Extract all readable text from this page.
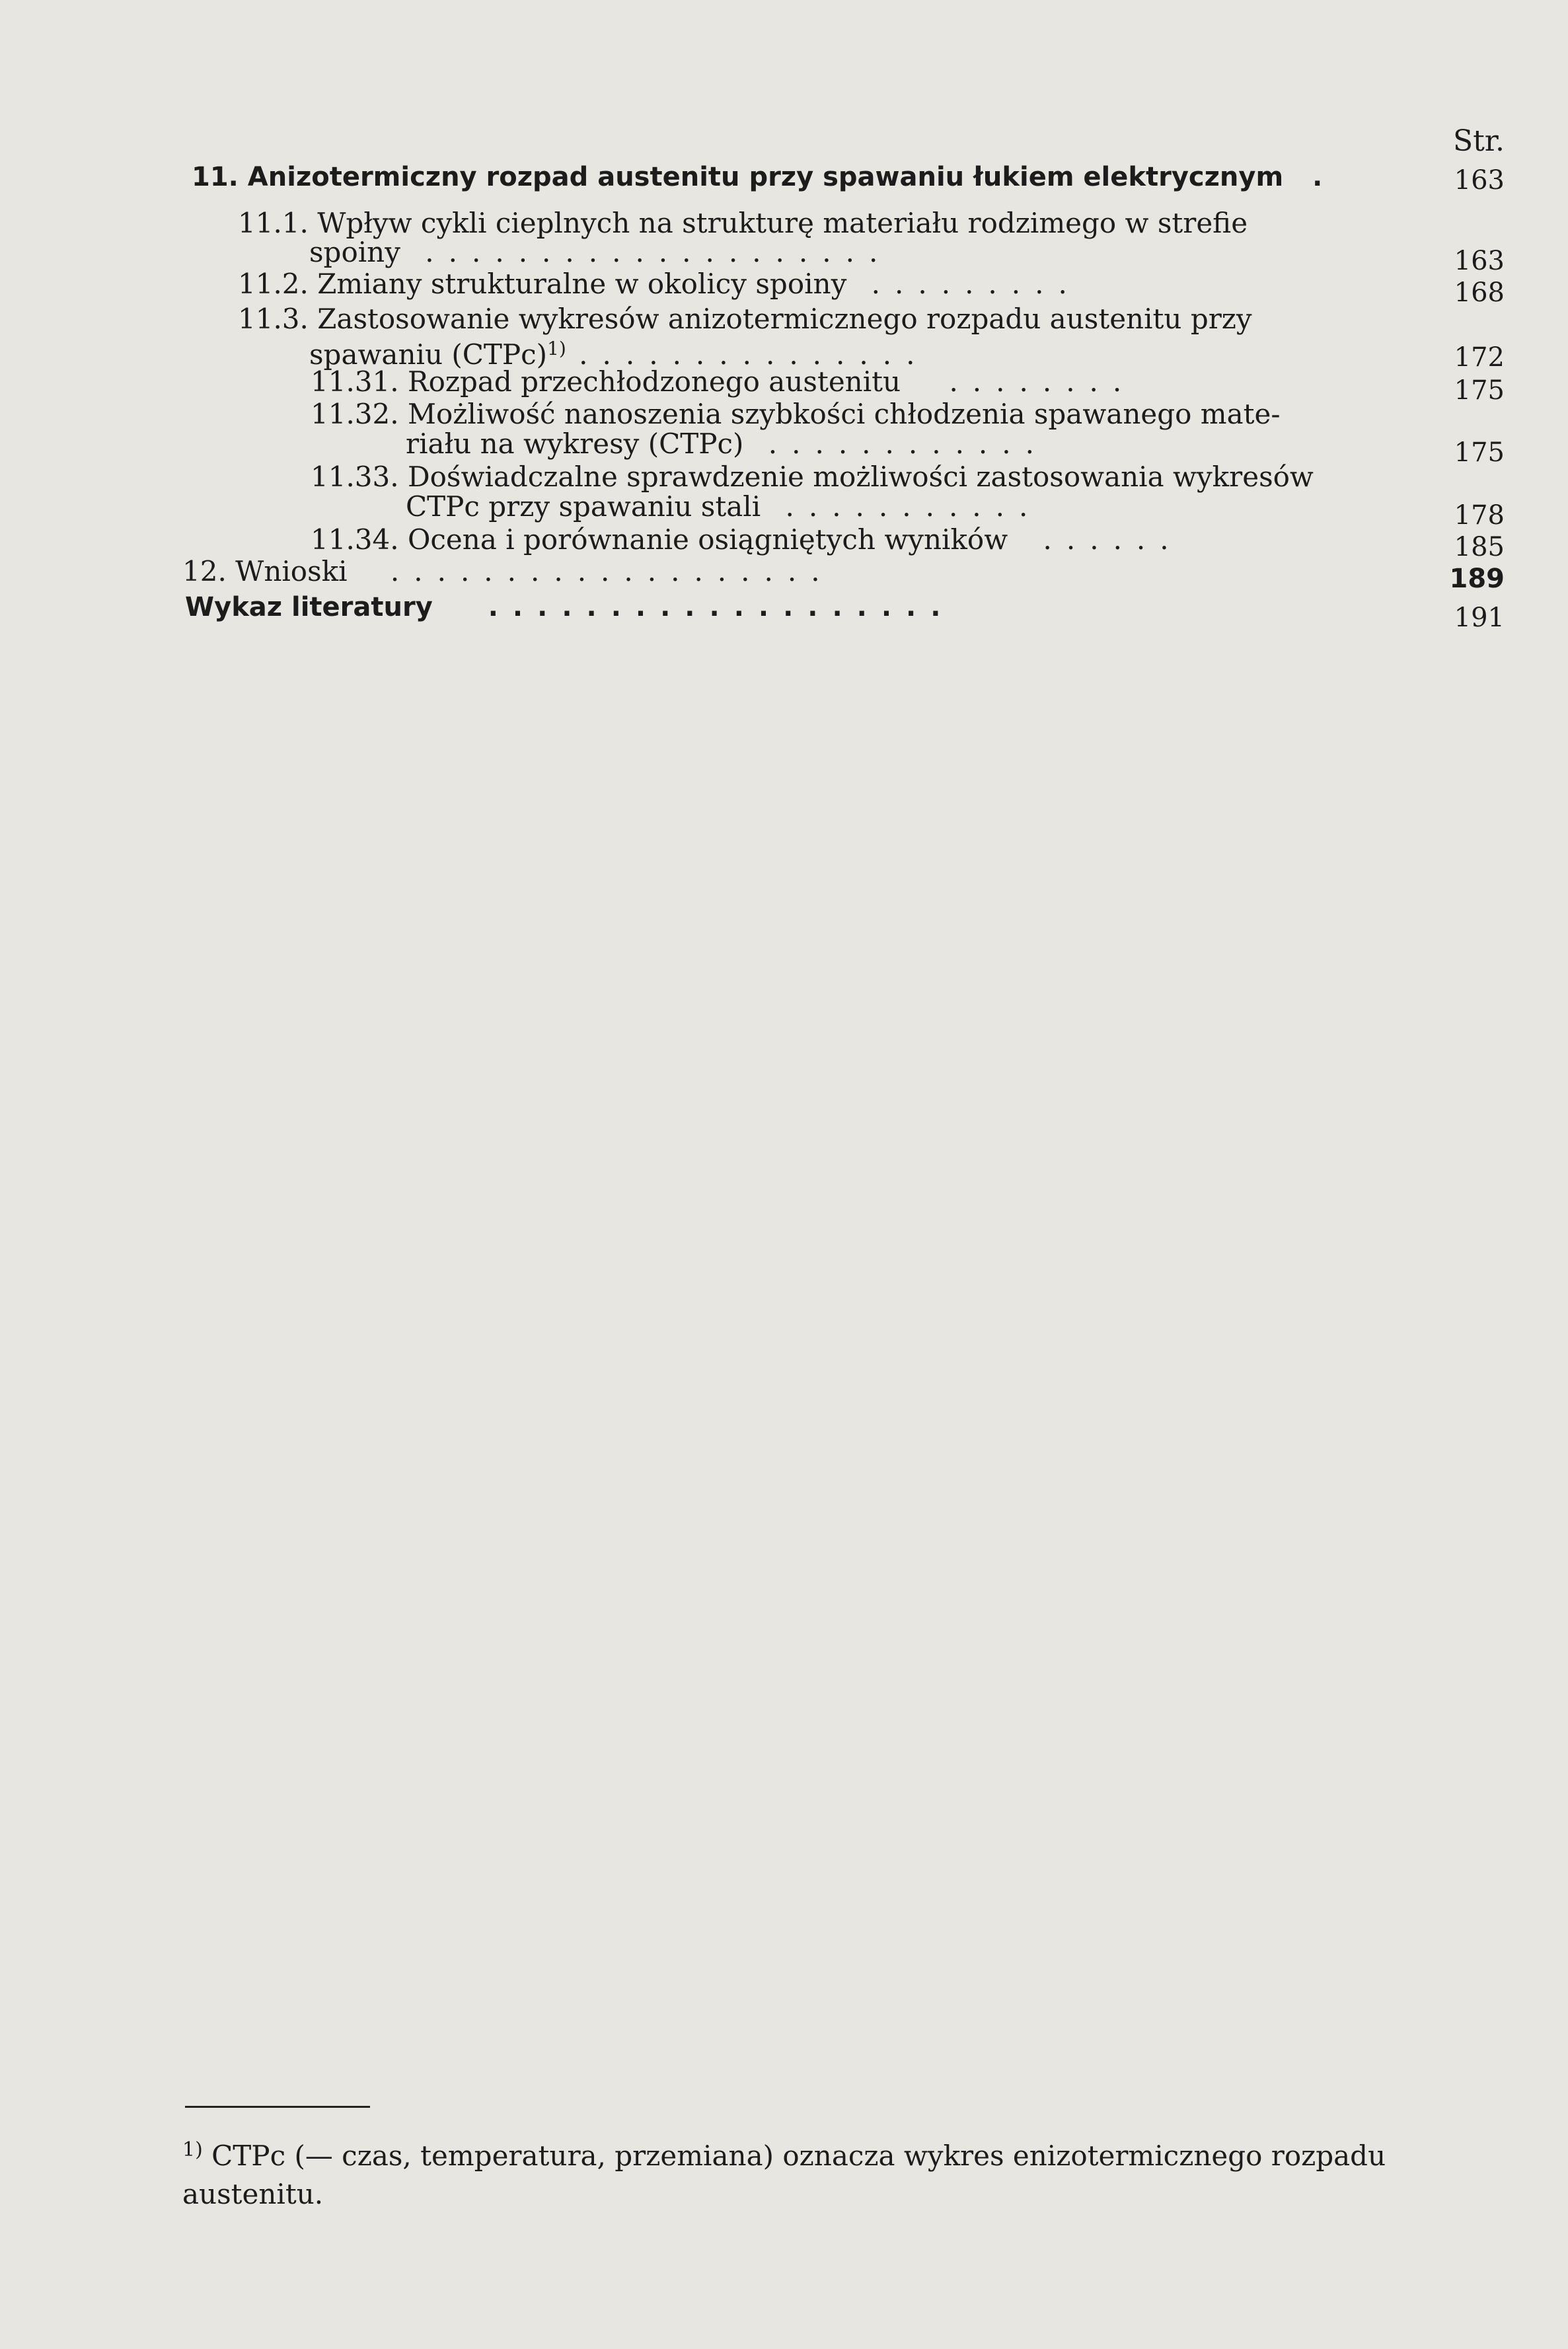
Str.
11. Anizotermiczny rozpad austenitu przy spawaniu łukiem elektrycznym .	163
11.1. Wpływ cykli cieplnych na strukturę materiału rodzimego w strefie
spoiny ....................	163
11.2. Zmiany strukturalne w okolicy spoiny .........	168
11.3. Zastosowanie wykresów anizotermicznego rozpadu austenitu przy
spawaniu (CTPc)$^{1)}$ ...............	172
11.31. Rozpad przechłodzonego austenitu ........	175
11.32. Możliwość nanoszenia szybkości chłodzenia spawanego mate-
riału na wykresy (CTPc) ............	175
11.33. Doświadczalne sprawdzenie możliwości zastosowania wykresów
CTPc przy spawaniu stali ...........	178
11.34. Ocena i porównanie osiągniętych wyników ......	185
12. Wnioski ...................	189
Wykaz literatury ...................	191
$^{1)}$ CTPc (— czas, temperatura, przemiana) oznacza wykres enizotermicznego rozpadu austenitu.
